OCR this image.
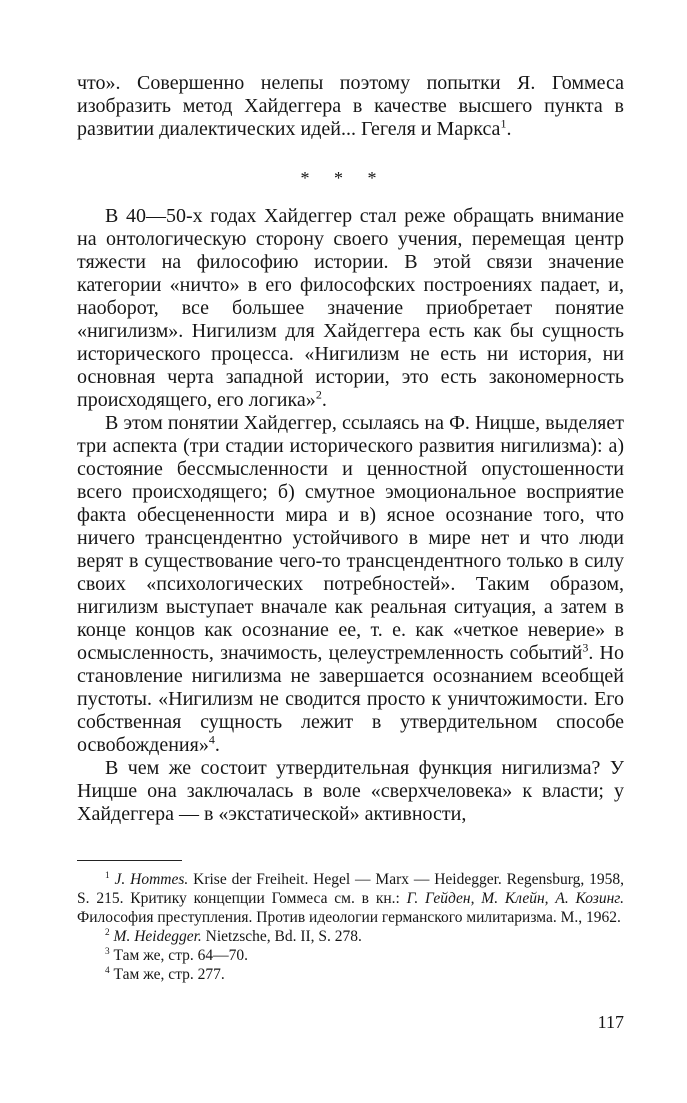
что». Совершенно нелепы поэтому попытки Я. Гоммеса изобразить метод Хайдеггера в качестве высшего пункта в развитии диалектических идей... Гегеля и Маркса$^1$.

* * *

В 40—50-х годах Хайдеггер стал реже обращать внимание на онтологическую сторону своего учения, перемещая центр тяжести на философию истории. В этой связи значение категории «ничто» в его философских построениях падает, и, наоборот, все большее значение приобретает понятие «нигилизм». Нигилизм для Хайдеггера есть как бы сущность исторического процесса. «Нигилизм не есть ни история, ни основная черта западной истории, это есть закономерность происходящего, его логика»$^2$.

В этом понятии Хайдеггер, ссылаясь на Ф. Ницше, выделяет три аспекта (три стадии исторического развития нигилизма): а) состояние бессмысленности и ценностной опустошенности всего происходящего; б) смутное эмоциональное восприятие факта обесцененности мира и в) ясное осознание того, что ничего трансцендентно устойчивого в мире нет и что люди верят в существование чего-то трансцендентного только в силу своих «психологических потребностей». Таким образом, нигилизм выступает вначале как реальная ситуация, а затем в конце концов как осознание ее, т. е. как «четкое неверие» в осмысленность, значимость, целеустремленность событий$^3$. Но становление нигилизма не завершается осознанием всеобщей пустоты. «Нигилизм не сводится просто к уничтожимости. Его собственная сущность лежит в утвердительном способе освобождения»$^4$.

В чем же состоит утвердительная функция нигилизма? У Ницше она заключалась в воле «сверхчеловека» к власти; у Хайдеггера — в «экстатической» активности,

$^1$ J. Hommes. Krise der Freiheit. Hegel — Marx — Heidegger. Regensburg, 1958, S. 215. Критику концепции Гоммеса см. в кн.: Г. Гейден, М. Клейн, А. Козинг. Философия преступления. Против идеологии германского милитаризма. М., 1962.

$^2$ M. Heidegger. Nietzsche, Bd. II, S. 278.

$^3$ Там же, стр. 64—70.

$^4$ Там же, стр. 277.

117
